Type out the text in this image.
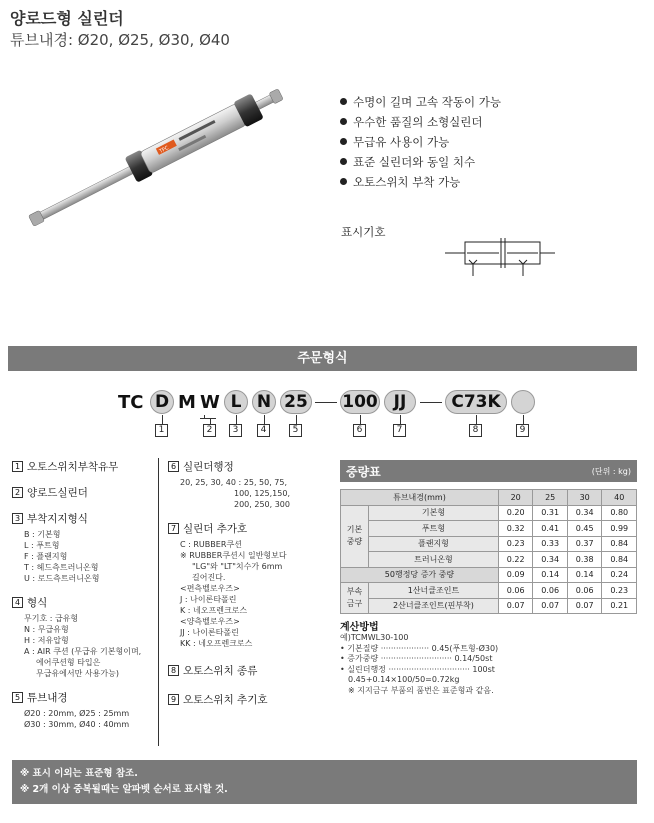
양로드형 실린더
튜브내경: Ø20, Ø25, Ø30, Ø40
TPC
수명이 길며 고속 작동이 가능
우수한 품질의 소형실린더
무급유 사용이 가능
표준 실린더와 동일 치수
오토스위치 부착 가능
표시기호
주문형식
TC D M W L N 25 100 JJ	C73K
1	2	3	4	5	6	7	8	9
1 오토스위치부착유무
2 양로드실린더
3 부착지지형식
B : 기본형
L : 푸트형
F : 플랜지형
T : 헤드측트러니온형
U : 로드측트러니온형
4 형식
무기호 : 급유형
N : 무급유형
H : 저유압형
A : AIR 쿠션 (무급유 기본형이며,
에어쿠션형 타입은
무급유에서만 사용가능)
5 튜브내경
Ø20 : 20mm, Ø25 : 25mm
Ø30 : 30mm, Ø40 : 40mm
6 실린더행정
20, 25, 30, 40 : 25, 50, 75,
100, 125,150,
200, 250, 300
7 실린더 추가호
C : RUBBER쿠션
※ RUBBER쿠션시 일반형보다
"LG"와 "LT"치수가 6mm
길어진다.
<편측벨로우즈>
J : 나이론타폴린
K : 네오프렌크로스
<양측벨로우즈>
JJ : 나이론타폴린
KK : 네오프렌크로스
8 오토스위치 종류
9 오토스위치 추기호
중량표	(단위 : kg)
튜브내경(mm)		20	25	30	40
기본
중량	기본형	0.20	0.31	0.34	0.80
	푸트형	0.32	0.41	0.45	0.99
	플랜지형	0.23	0.33	0.37	0.84
	트러니온형	0.22	0.34	0.38	0.84
50행정당 증가 중량		0.09	0.14	0.14	0.24
부속
금구	1산너클조인트	0.06	0.06	0.06	0.23
	2산너클조인트(핀부착)	0.07	0.07	0.07	0.21
계산방법
예)TCMWL30-100
• 기본질량 ··················· 0.45(푸트형-Ø30)
• 증가중량 ···························· 0.14/50st
• 실린더행정 ································ 100st
0.45+0.14×100/50=0.72kg
※ 지지금구 부품의 품번은 표준형과 같음.
※ 표시 이외는 표준형 참조.
※ 2개 이상 중복될때는 알파벳 순서로 표시할 것.
